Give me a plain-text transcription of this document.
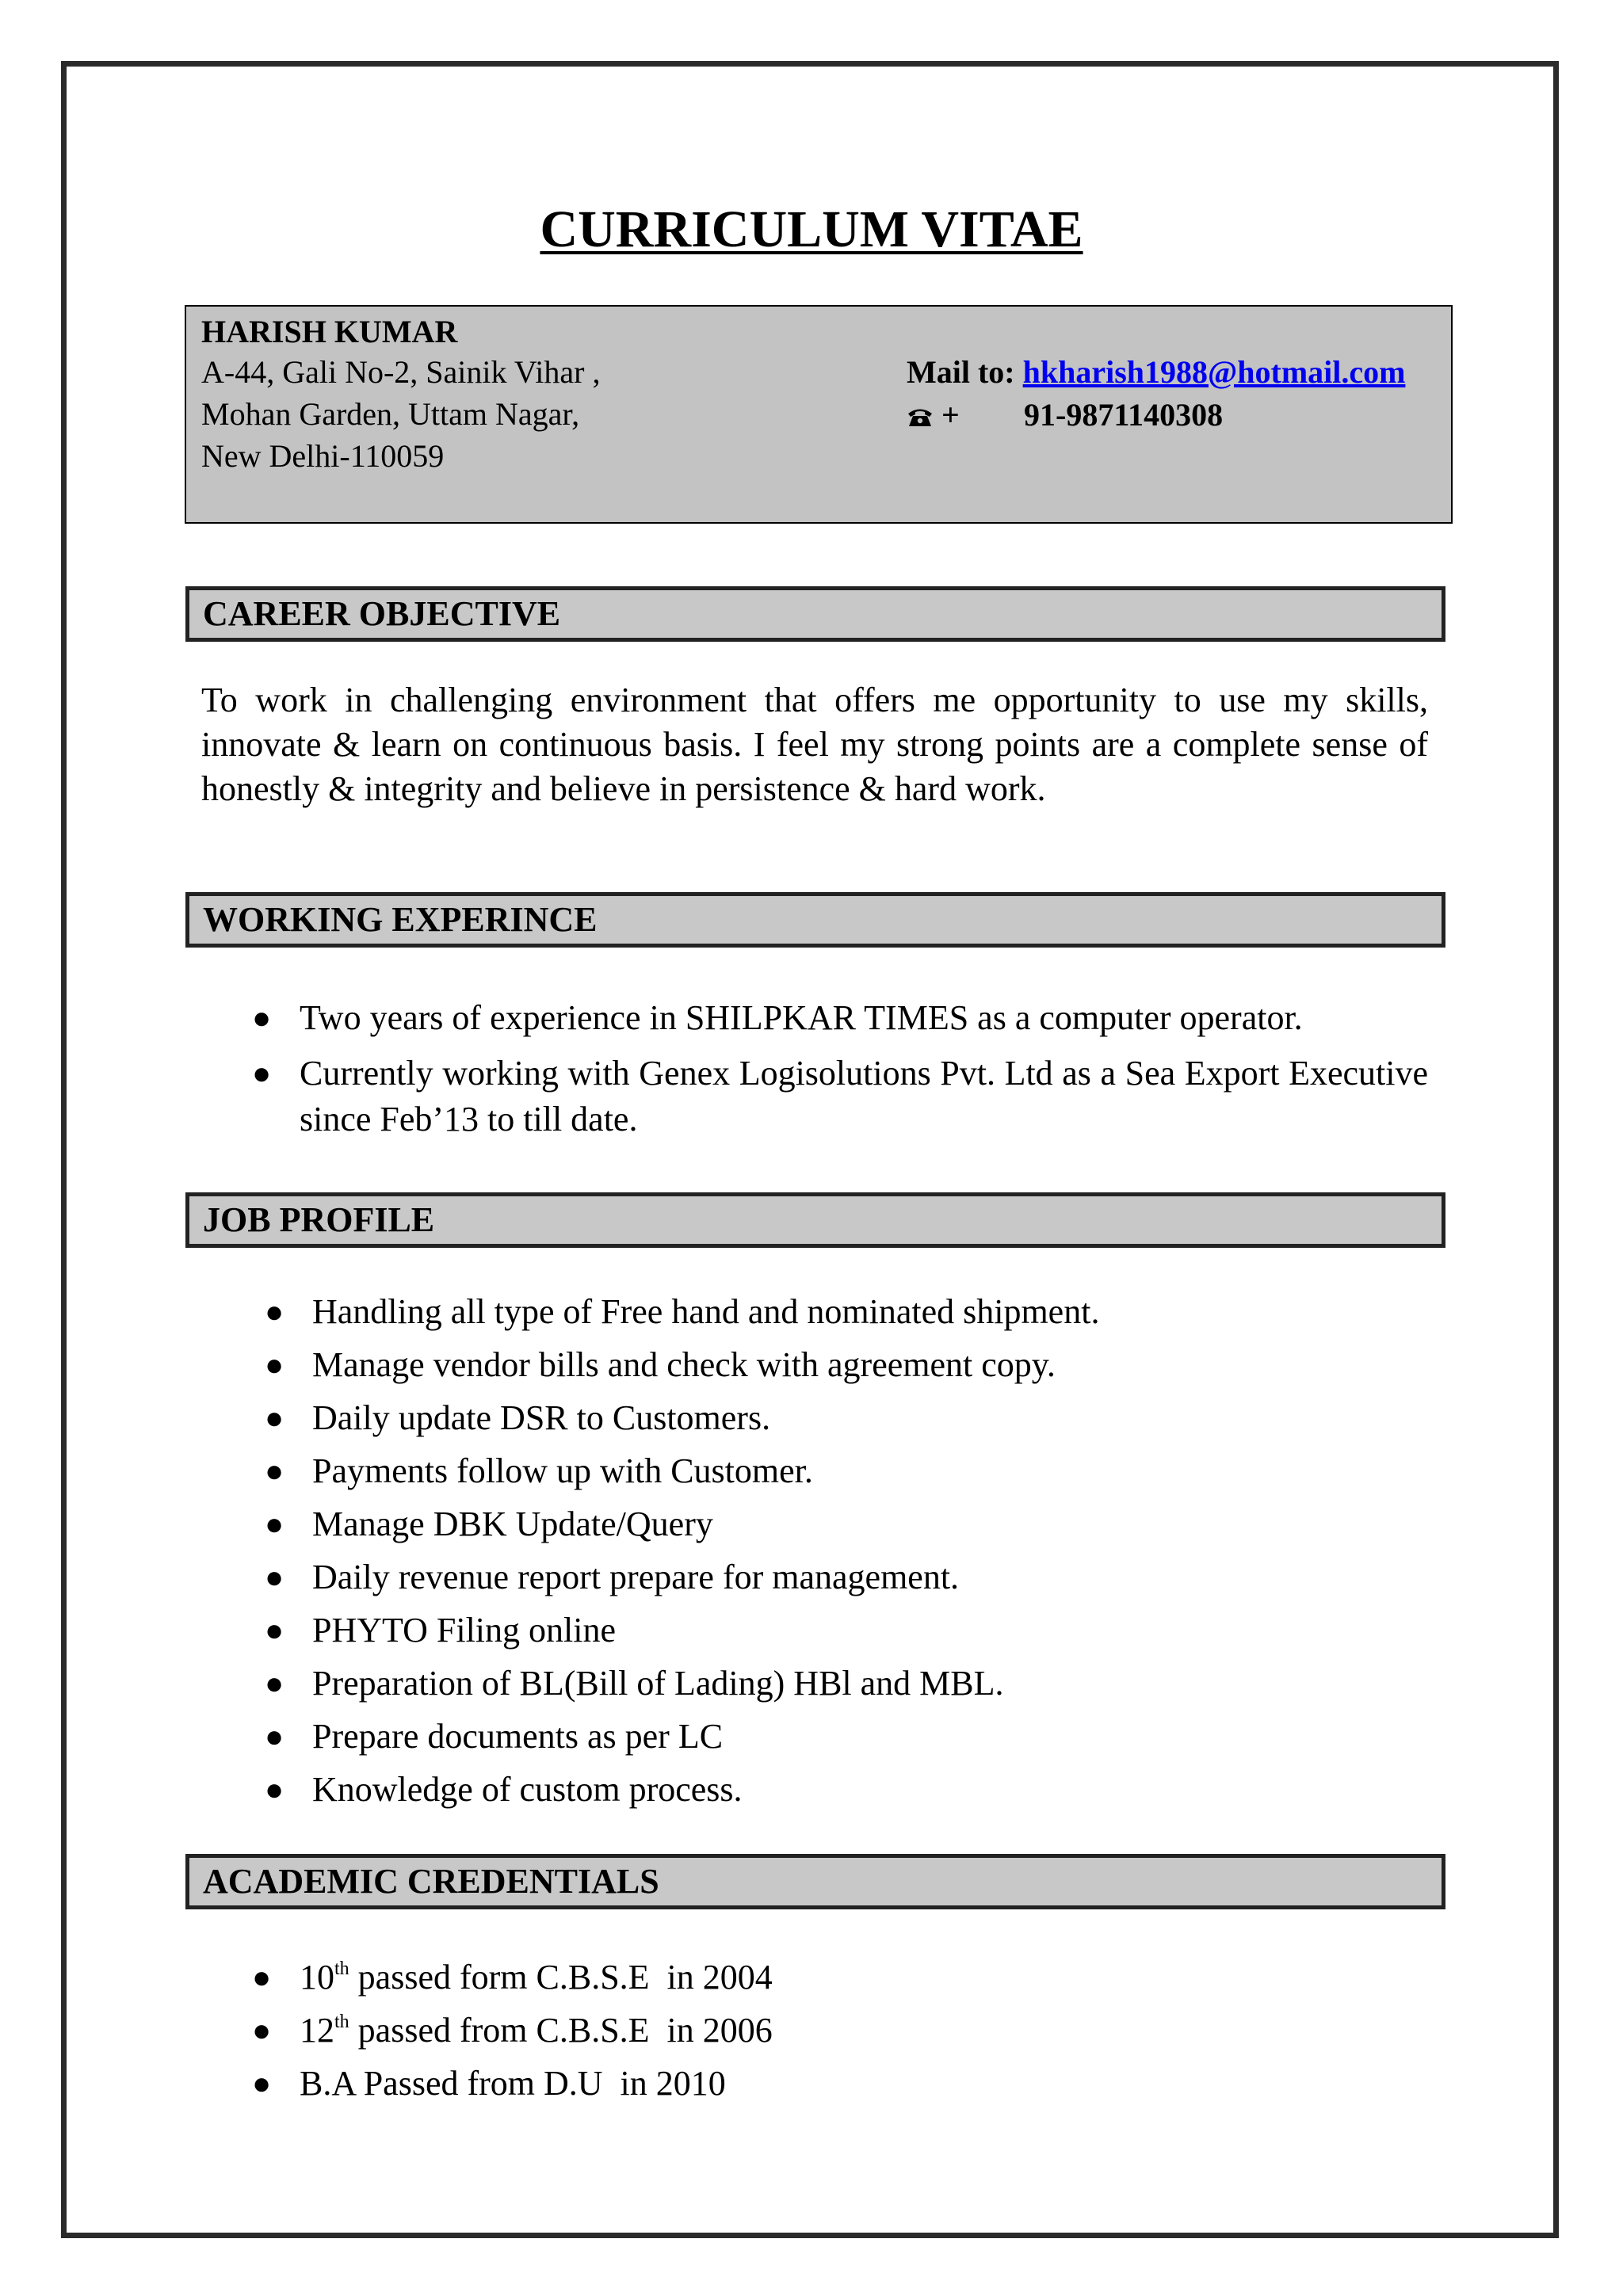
CURRICULUM VITAE
HARISH KUMAR
A-44, Gali No-2, Sainik Vihar ,
Mohan Garden, Uttam Nagar,
New Delhi-110059
Mail to: hkharish1988@hotmail.com
+ 91-9871140308
CAREER OBJECTIVE
To work in challenging environment that offers me opportunity to use my skills, innovate & learn on continuous basis. I feel my strong points are a complete sense of honestly & integrity and believe in persistence & hard work.
WORKING EXPERINCE
● Two years of experience in SHILPKAR TIMES as a computer operator.
● Currently working with Genex Logisolutions Pvt. Ltd as a Sea Export Executive since Feb’13 to till date.
JOB PROFILE
● Handling all type of Free hand and nominated shipment.
● Manage vendor bills and check with agreement copy.
● Daily update DSR to Customers.
● Payments follow up with Customer.
● Manage DBK Update/Query
● Daily revenue report prepare for management.
● PHYTO Filing online
● Preparation of BL(Bill of Lading) HBl and MBL.
● Prepare documents as per LC
● Knowledge of custom process.
ACADEMIC CREDENTIALS
● 10th passed form C.B.S.E  in 2004
● 12th passed from C.B.S.E  in 2006
● B.A Passed from D.U  in 2010
